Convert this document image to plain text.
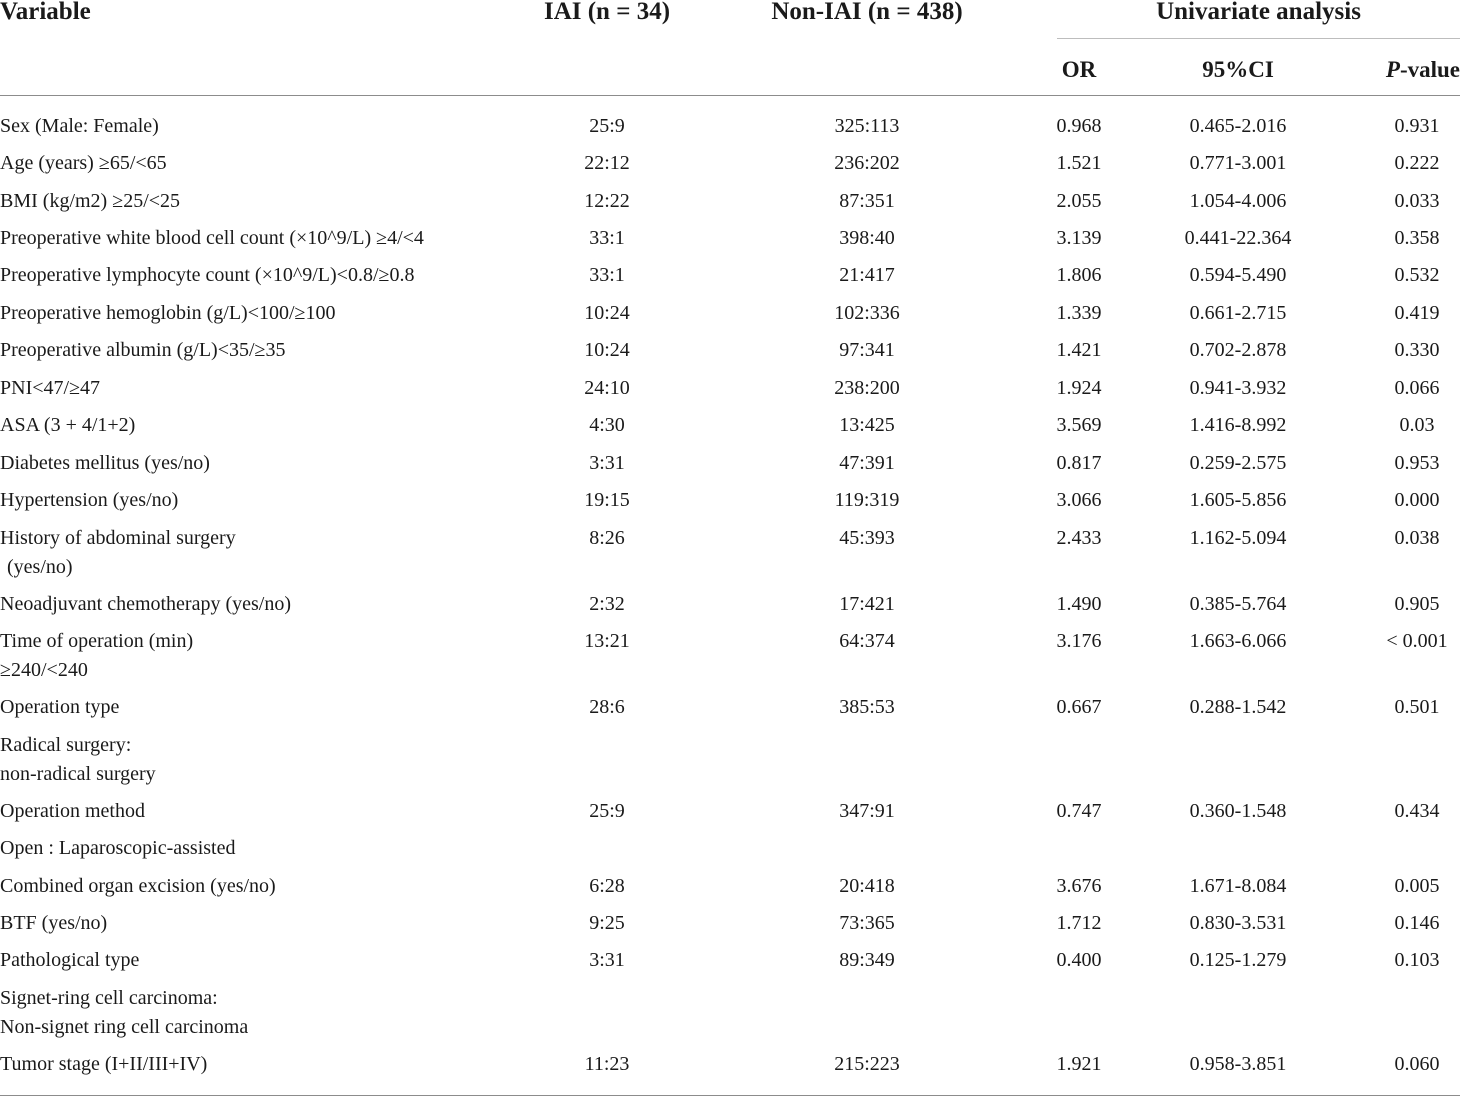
Variable	IAI (n = 34)	Non-IAI (n = 438)	Univariate analysis
OR	95%CI	P-value
Sex (Male: Female)	25:9	325:113	0.968	0.465-2.016	0.931
Age (years) ≥65/<65	22:12	236:202	1.521	0.771-3.001	0.222
BMI (kg/m2) ≥25/<25	12:22	87:351	2.055	1.054-4.006	0.033
Preoperative white blood cell count (×10^9/L) ≥4/<4	33:1	398:40	3.139	0.441-22.364	0.358
Preoperative lymphocyte count (×10^9/L)<0.8/≥0.8	33:1	21:417	1.806	0.594-5.490	0.532
Preoperative hemoglobin (g/L)<100/≥100	10:24	102:336	1.339	0.661-2.715	0.419
Preoperative albumin (g/L)<35/≥35	10:24	97:341	1.421	0.702-2.878	0.330
PNI<47/≥47	24:10	238:200	1.924	0.941-3.932	0.066
ASA (3 + 4/1+2)	4:30	13:425	3.569	1.416-8.992	0.03
Diabetes mellitus (yes/no)	3:31	47:391	0.817	0.259-2.575	0.953
Hypertension (yes/no)	19:15	119:319	3.066	1.605-5.856	0.000
History of abdominal surgery	8:26	45:393	2.433	1.162-5.094	0.038
(yes/no)
Neoadjuvant chemotherapy (yes/no)	2:32	17:421	1.490	0.385-5.764	0.905
Time of operation (min)	13:21	64:374	3.176	1.663-6.066	< 0.001
≥240/<240
Operation type	28:6	385:53	0.667	0.288-1.542	0.501
Radical surgery:
non-radical surgery
Operation method	25:9	347:91	0.747	0.360-1.548	0.434
Open : Laparoscopic-assisted
Combined organ excision (yes/no)	6:28	20:418	3.676	1.671-8.084	0.005
BTF (yes/no)	9:25	73:365	1.712	0.830-3.531	0.146
Pathological type	3:31	89:349	0.400	0.125-1.279	0.103
Signet-ring cell carcinoma:
Non-signet ring cell carcinoma
Tumor stage (I+II/III+IV)	11:23	215:223	1.921	0.958-3.851	0.060
